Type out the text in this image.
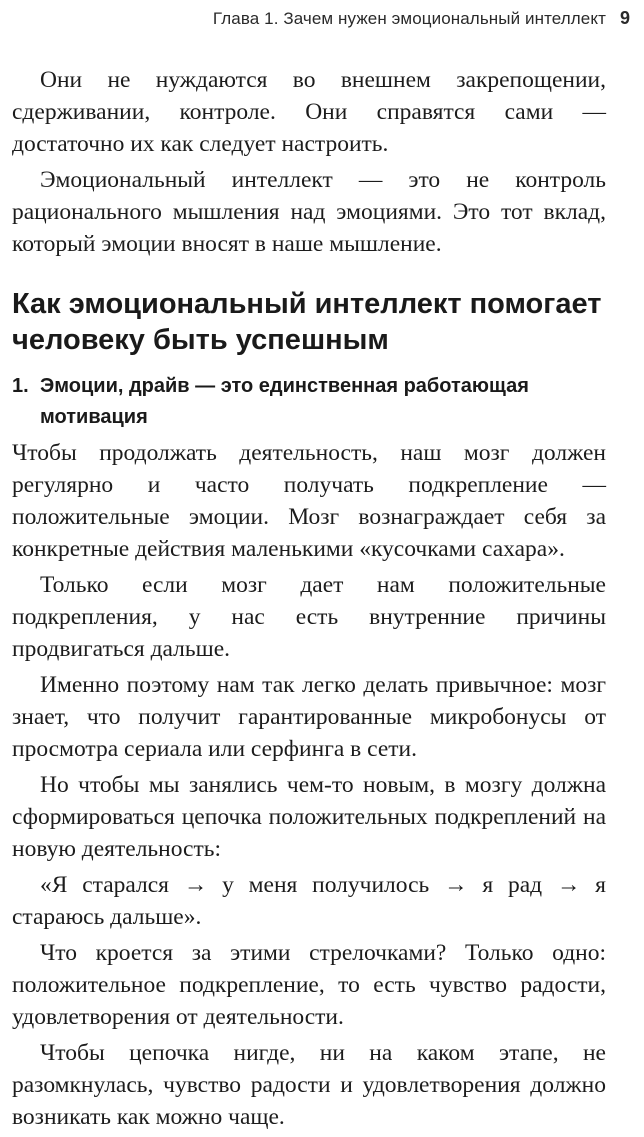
Глава 1. Зачем нужен эмоциональный интеллект 9

Они не нуждаются во внешнем закрепощении, сдерживании, контроле. Они справятся сами — достаточно их как следует настроить.

Эмоциональный интеллект — это не контроль рационального мышления над эмоциями. Это тот вклад, который эмоции вносят в наше мышление.

Как эмоциональный интеллект помогает человеку быть успешным
1. Эмоции, драйв — это единственная работающая мотивация

Чтобы продолжать деятельность, наш мозг должен регулярно и часто получать подкрепление — положительные эмоции. Мозг вознаграждает себя за конкретные действия маленькими «кусочками сахара».

Только если мозг дает нам положительные подкрепления, у нас есть внутренние причины продвигаться дальше.

Именно поэтому нам так легко делать привычное: мозг знает, что получит гарантированные микробонусы от просмотра сериала или серфинга в сети.

Но чтобы мы занялись чем-то новым, в мозгу должна сформироваться цепочка положительных подкреплений на новую деятельность:

«Я старался → у меня получилось → я рад → я стараюсь дальше».

Что кроется за этими стрелочками? Только одно: положительное подкрепление, то есть чувство радости, удовлетворения от деятельности.

Чтобы цепочка нигде, ни на каком этапе, не разомкнулась, чувство радости и удовлетворения должно возникать как можно чаще.
